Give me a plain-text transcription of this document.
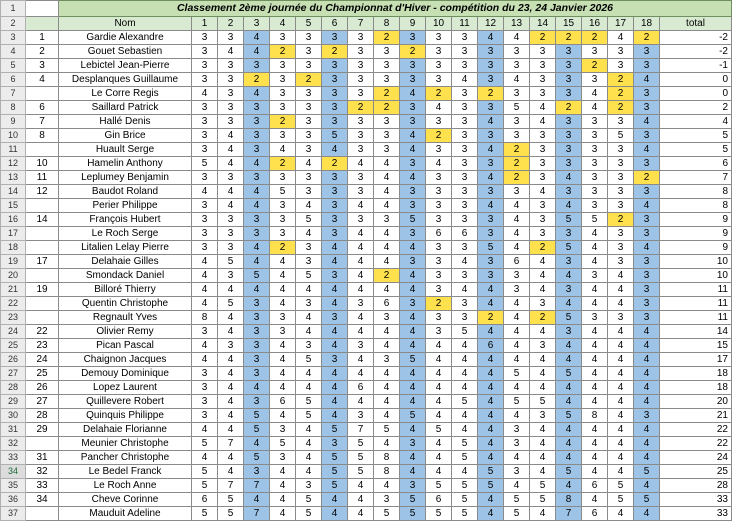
1		Classement 2ème journée du Championnat d'Hiver - compétition du 23, 24 Janvier 2026																			
2		Nom	1	2	3	4	5	6	7	8	9	10	11	12	13	14	15	16	17	18	total
3	1	Gardie Alexandre	3	3	4	3	3	3	3	2	3	3	3	4	4	2	2	2	4	2	-2
4	2	Gouet Sebastien	3	4	4	2	3	2	3	3	2	3	3	3	3	3	3	3	3	3	-2
5	3	Lebictel Jean-Pierre	3	3	3	3	3	3	3	3	3	3	3	3	3	3	3	2	3	3	-1
6	4	Desplanques Guillaume	3	3	2	3	2	3	3	3	3	3	4	3	4	3	3	3	2	4	0
7		Le Corre Regis	4	3	4	3	3	3	3	2	4	2	3	2	3	3	3	4	2	3	0
8	6	Saillard Patrick	3	3	3	3	3	3	2	2	3	4	3	3	5	4	2	4	2	3	2
9	7	Hallé Denis	3	3	3	2	3	3	3	3	3	3	3	4	3	4	3	3	3	4	4
10	8	Gin Brice	3	4	3	3	3	5	3	3	4	2	3	3	3	3	3	3	5	3	5
11		Huault Serge	3	4	3	4	3	4	3	3	4	3	3	4	2	3	3	3	3	4	5
12	10	Hamelin Anthony	5	4	4	2	4	2	4	4	3	4	3	3	2	3	3	3	3	3	6
13	11	Leplumey Benjamin	3	3	3	3	3	3	3	4	4	3	3	4	2	3	4	3	3	2	7
14	12	Baudot Roland	4	4	4	5	3	3	3	4	3	3	3	3	3	4	3	3	3	3	8
15		Perier Philippe	3	4	4	3	4	3	4	4	3	3	3	4	4	3	4	3	3	4	8
16	14	François Hubert	3	3	3	3	5	3	3	3	5	3	3	3	4	3	5	5	2	3	9
17		Le Roch Serge	3	3	3	3	4	3	4	4	3	6	6	3	4	3	3	4	3	3	9
18		Litalien Lelay Pierre	3	3	4	2	3	4	4	4	4	3	3	5	4	2	5	4	3	4	9
19	17	Delahaie Gilles	4	5	4	4	3	4	4	4	3	3	4	3	6	4	3	4	3	3	10
20		Smondack Daniel	4	3	5	4	5	3	4	2	4	3	3	3	3	4	4	3	4	3	10
21	19	Billoré Thierry	4	4	4	4	4	4	4	4	4	3	4	4	3	4	3	4	4	3	11
22		Quentin Christophe	4	5	3	4	3	4	3	6	3	2	3	4	4	3	4	4	4	3	11
23		Regnault Yves	8	4	3	3	4	3	4	3	4	3	3	2	4	2	5	3	3	3	11
24	22	Olivier Remy	3	4	3	3	4	4	4	4	4	3	5	4	4	4	3	4	4	4	14
25	23	Pican Pascal	4	3	3	4	3	4	3	4	4	4	4	6	4	3	4	4	4	4	15
26	24	Chaignon Jacques	4	4	3	4	5	3	4	3	5	4	4	4	4	4	4	4	4	4	17
27	25	Demouy Dominique	3	4	3	4	4	4	4	4	4	4	4	4	5	4	5	4	4	4	18
28	26	Lopez Laurent	3	4	4	4	4	4	6	4	4	4	4	4	4	4	4	4	4	4	18
29	27	Quillevere Robert	3	4	3	6	5	4	4	4	4	4	5	4	5	5	4	4	4	4	20
30	28	Quinquis Philippe	3	4	5	4	5	4	3	4	5	4	4	4	4	3	5	8	4	3	21
31	29	Delahaie Florianne	4	4	5	3	4	5	7	5	4	5	4	4	3	4	4	4	4	4	22
32		Meunier Christophe	5	7	4	5	4	3	5	4	3	4	5	4	3	4	4	4	4	4	22
33	31	Pancher Christophe	4	4	5	3	4	5	5	8	4	4	5	4	4	4	4	4	4	4	24
34	32	Le Bedel Franck	5	4	3	4	4	5	5	8	4	4	4	5	3	4	5	4	4	5	25
35	33	Le Roch Anne	5	7	7	4	3	5	4	4	3	5	5	5	4	5	4	6	5	4	28
36	34	Cheve Corinne	6	5	4	4	5	4	4	3	5	6	5	4	5	5	8	4	5	5	33
37		Mauduit Adeline	5	5	7	4	5	4	4	5	5	5	5	4	5	4	7	6	4	4	33
